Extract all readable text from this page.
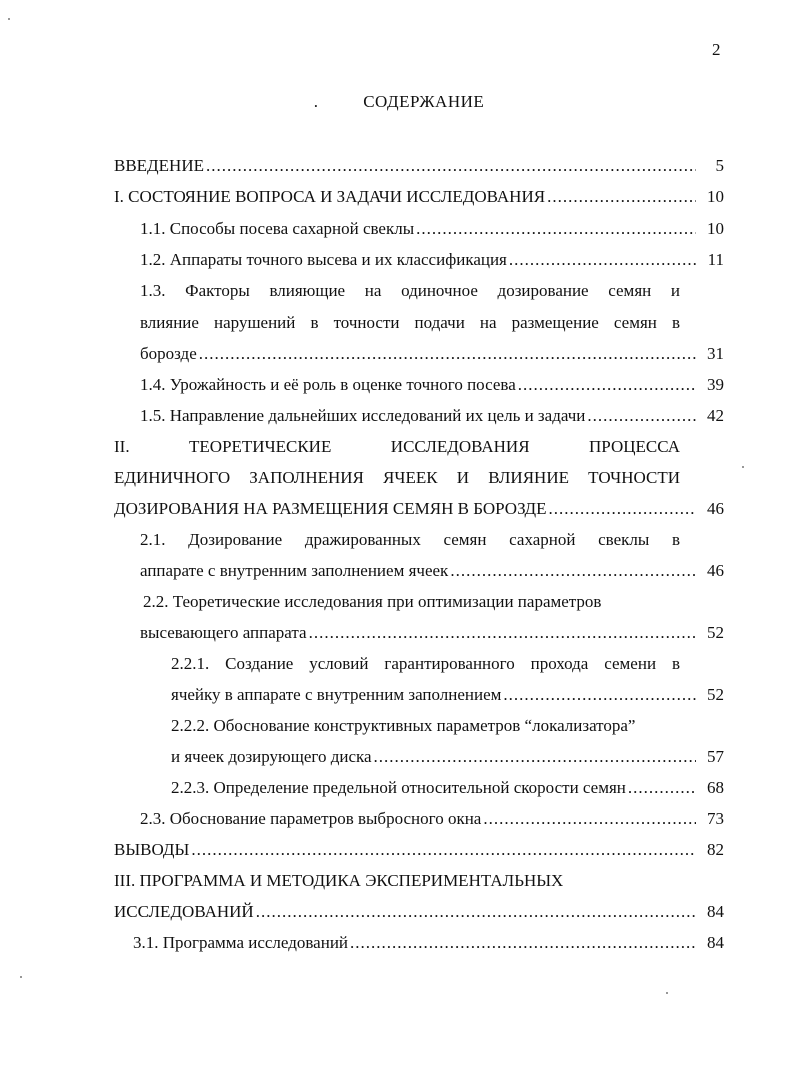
2
.	СОДЕРЖАНИЕ
ВВЕДЕНИЕ .....	5
I. СОСТОЯНИЕ ВОПРОСА И ЗАДАЧИ ИССЛЕДОВАНИЯ .....	10
1.1. Способы посева сахарной свеклы .....	10
1.2. Аппараты точного высева и их классификация .....	11
1.3. Факторы влияющие на одиночное дозирование семян и
влияние нарушений в точности подачи на размещение семян в
борозде .....	31
1.4. Урожайность и её роль в оценке точного посева .....	39
1.5. Направление дальнейших исследований их цель и задачи .....	42
II. ТЕОРЕТИЧЕСКИЕ ИССЛЕДОВАНИЯ ПРОЦЕССА
ЕДИНИЧНОГО ЗАПОЛНЕНИЯ ЯЧЕЕК И ВЛИЯНИЕ ТОЧНОСТИ
ДОЗИРОВАНИЯ НА РАЗМЕЩЕНИЯ СЕМЯН В БОРОЗДЕ .....	46
2.1. Дозирование дражированных семян сахарной свеклы в
аппарате с внутренним заполнением ячеек .....	46
2.2. Теоретические исследования при оптимизации параметров
высевающего аппарата .....	52
2.2.1. Создание условий гарантированного прохода семени в
ячейку в аппарате с внутренним заполнением .....	52
2.2.2. Обоснование конструктивных параметров “локализатора”
и ячеек дозирующего диска .....	57
2.2.3. Определение предельной относительной скорости семян .....	68
2.3. Обоснование параметров выбросного окна .....	73
ВЫВОДЫ .....	82
III. ПРОГРАММА И МЕТОДИКА ЭКСПЕРИМЕНТАЛЬНЫХ
ИССЛЕДОВАНИЙ .....	84
3.1. Программа исследований .....	84
